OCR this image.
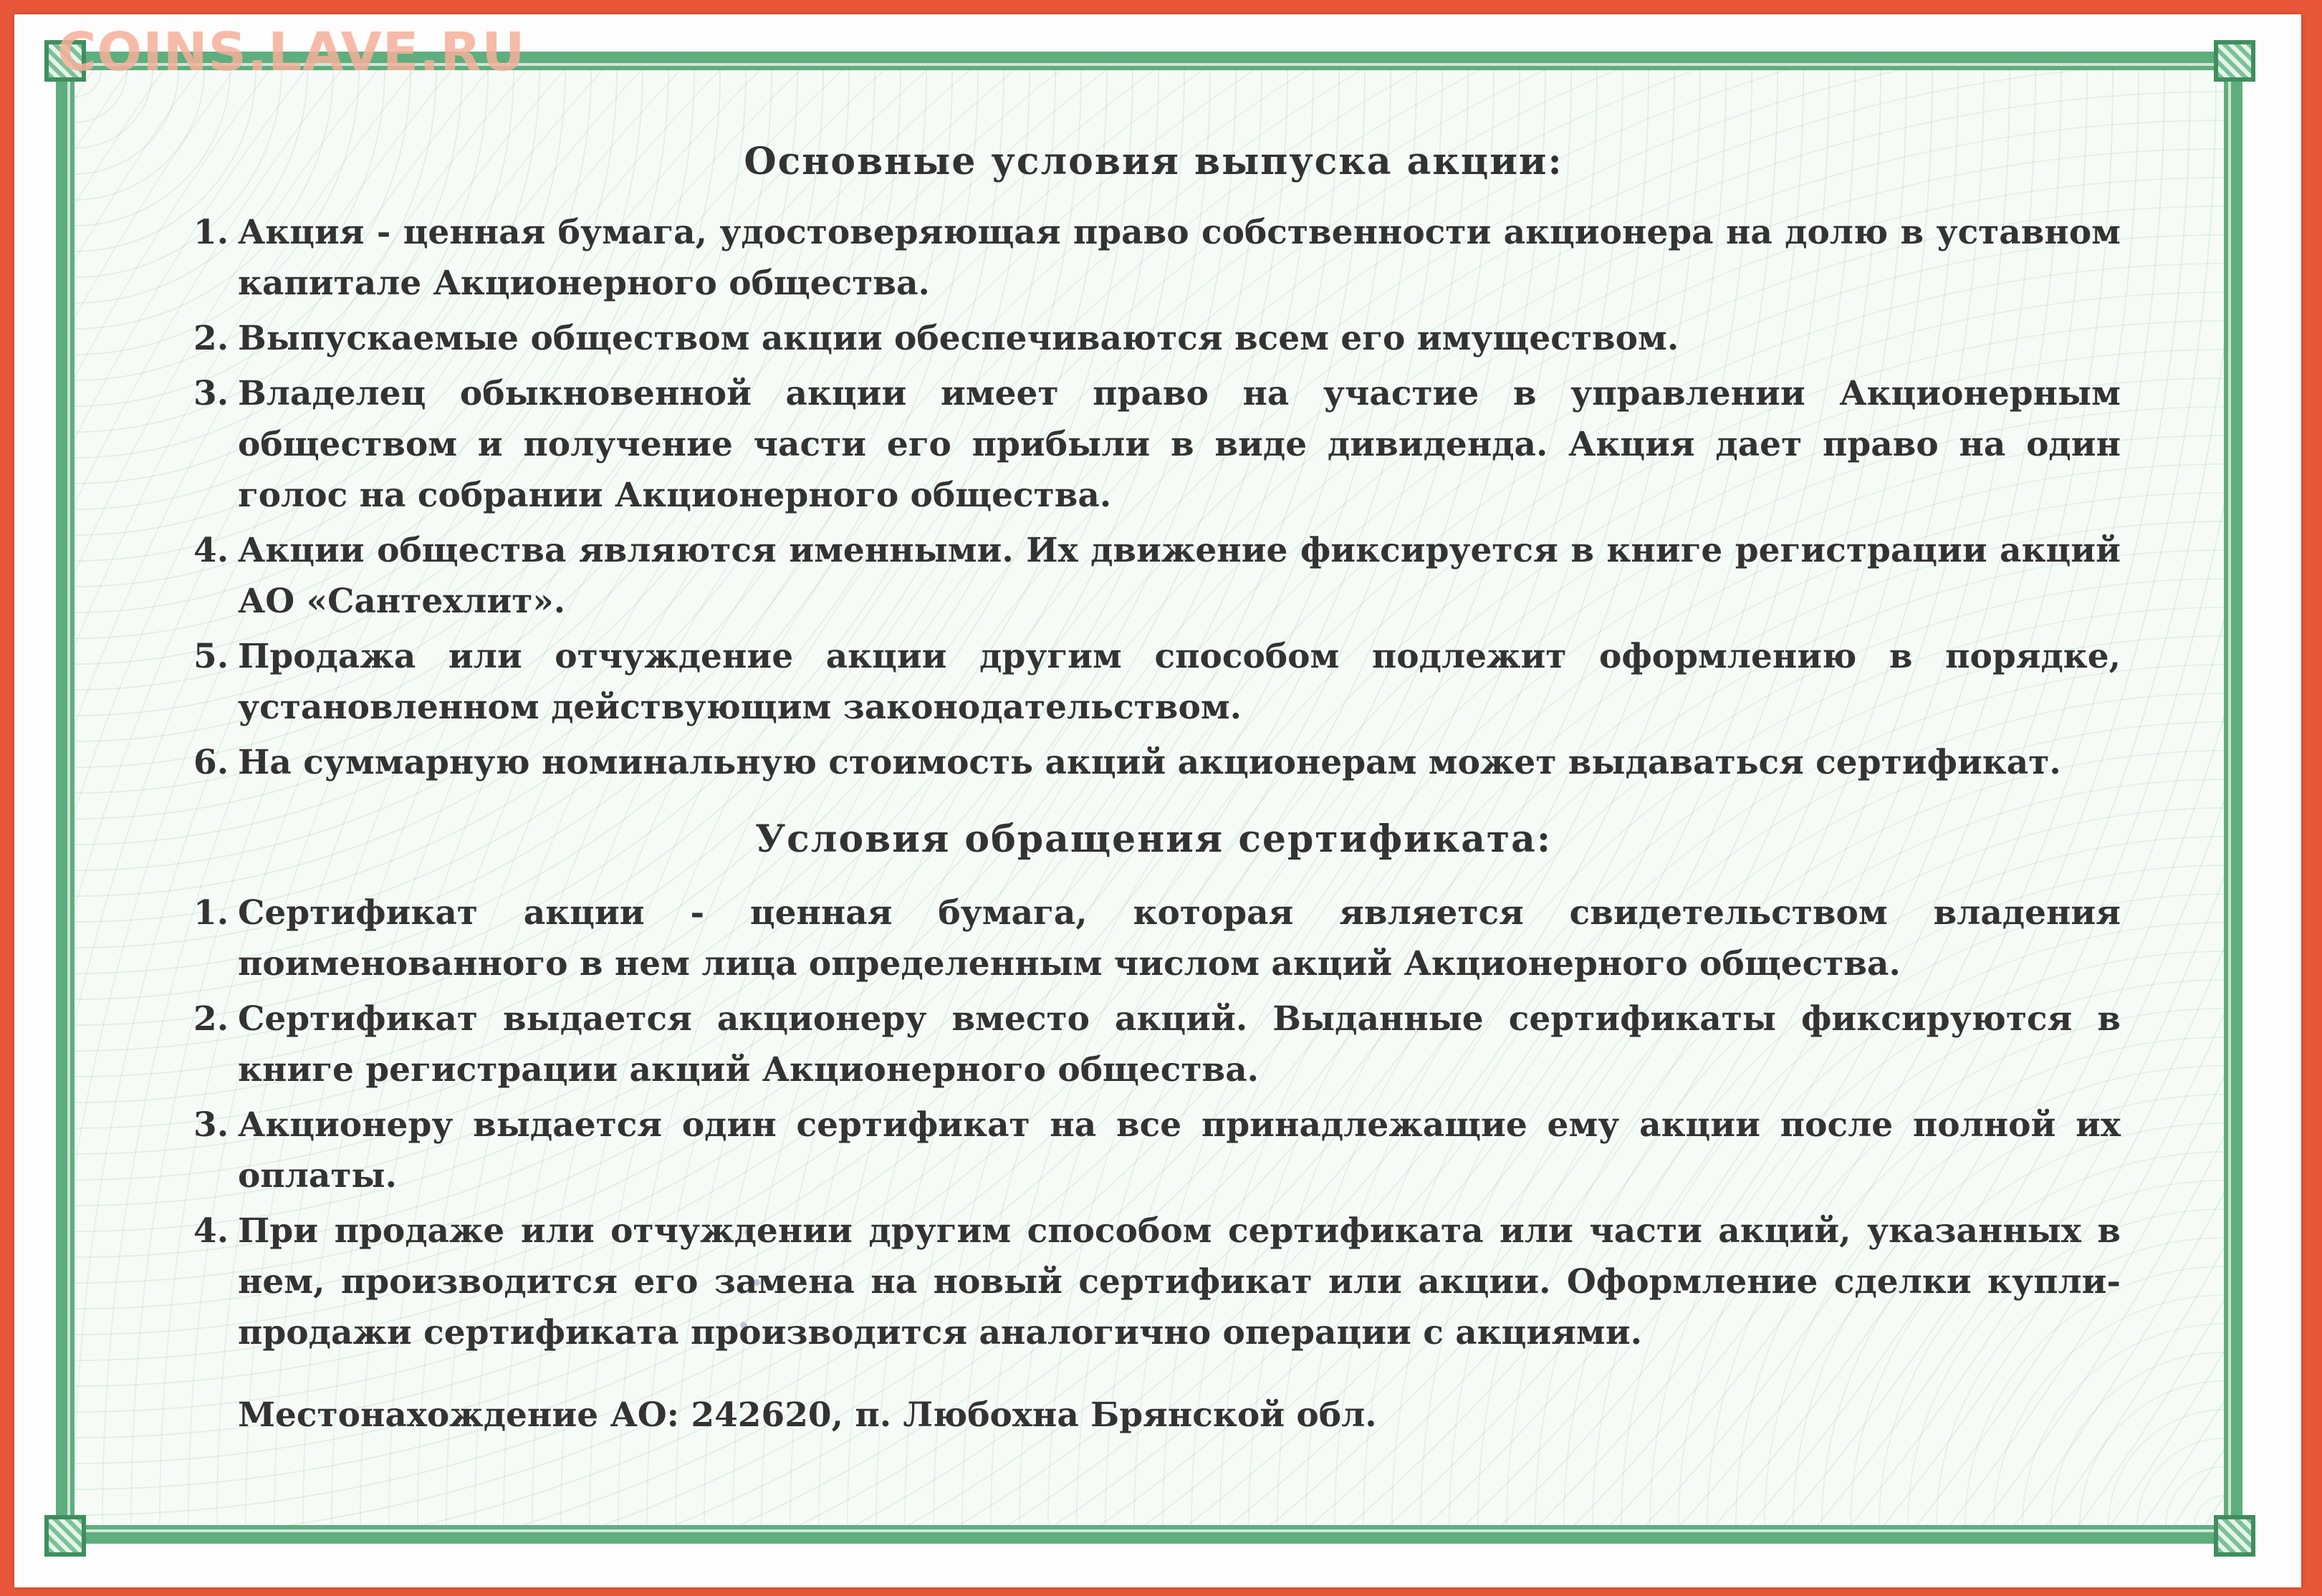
COINS.LAVE.RU
Основные условия выпуска акции:
1. Акция - ценная бумага, удостоверяющая право собственности акционера на долю в уставном капитале Акционерного общества.
2. Выпускаемые обществом акции обеспечиваются всем его имуществом.
3. Владелец обыкновенной акции имеет право на участие в управлении Акционерным обществом и получение части его прибыли в виде дивиденда. Акция дает право на один голос на собрании Акционерного общества.
4. Акции общества являются именными. Их движение фиксируется в книге регистрации акций АО «Сантехлит».
5. Продажа или отчуждение акции другим способом подлежит оформлению в порядке, установленном действующим законодательством.
6. На суммарную номинальную стоимость акций акционерам может выдаваться сертификат.
Условия обращения сертификата:
1. Сертификат акции - ценная бумага, которая является свидетельством владения поименованного в нем лица определенным числом акций Акционерного общества.
2. Сертификат выдается акционеру вместо акций. Выданные сертификаты фиксируются в книге регистрации акций Акционерного общества.
3. Акционеру выдается один сертификат на все принадлежащие ему акции после полной их оплаты.
4. При продаже или отчуждении другим способом сертификата или части акций, указанных в нем, производится его замена на новый сертификат или акции. Оформление сделки купли-продажи сертификата производится аналогично операции с акциями.
Местонахождение АО: 242620, п. Любохна Брянской обл.
